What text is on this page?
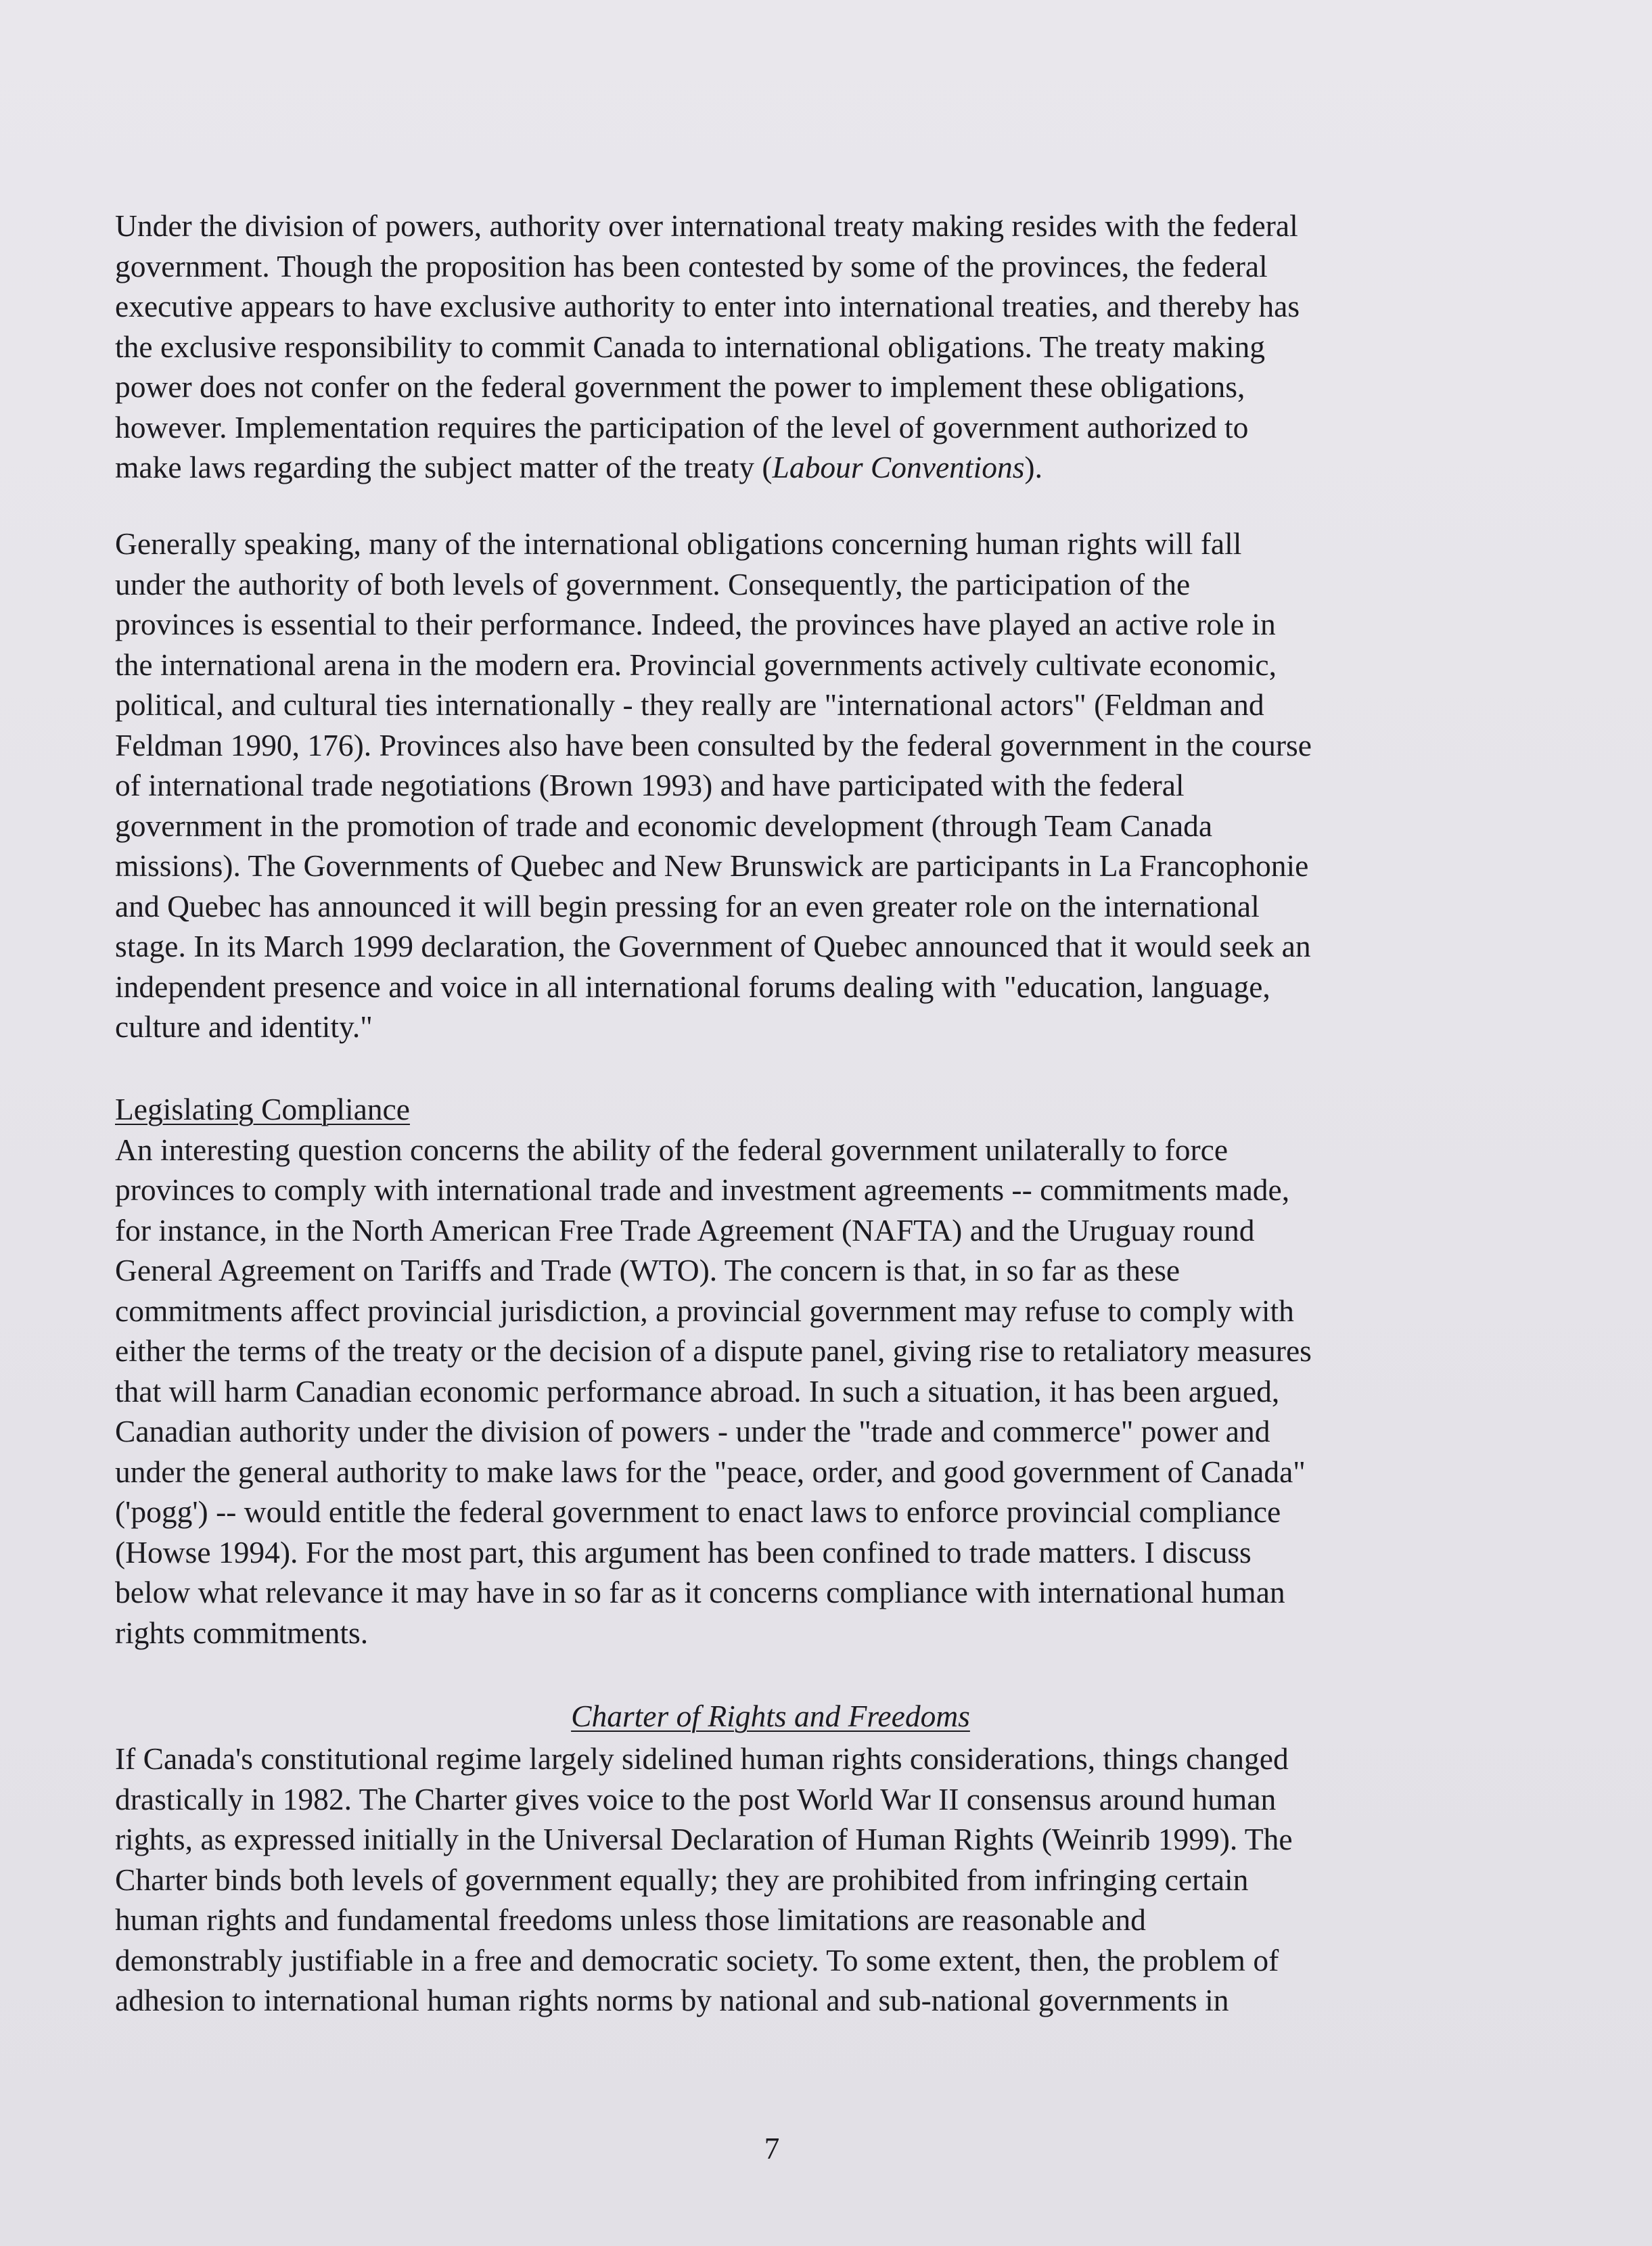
Under the division of powers, authority over international treaty making resides with the federal
government. Though the proposition has been contested by some of the provinces, the federal
executive appears to have exclusive authority to enter into international treaties, and thereby has
the exclusive responsibility to commit Canada to international obligations. The treaty making
power does not confer on the federal government the power to implement these obligations,
however. Implementation requires the participation of the level of government authorized to
make laws regarding the subject matter of the treaty (Labour Conventions).
Generally speaking, many of the international obligations concerning human rights will fall
under the authority of both levels of government. Consequently, the participation of the
provinces is essential to their performance. Indeed, the provinces have played an active role in
the international arena in the modern era. Provincial governments actively cultivate economic,
political, and cultural ties internationally - they really are "international actors" (Feldman and
Feldman 1990, 176). Provinces also have been consulted by the federal government in the course
of international trade negotiations (Brown 1993) and have participated with the federal
government in the promotion of trade and economic development (through Team Canada
missions). The Governments of Quebec and New Brunswick are participants in La Francophonie
and Quebec has announced it will begin pressing for an even greater role on the international
stage. In its March 1999 declaration, the Government of Quebec announced that it would seek an
independent presence and voice in all international forums dealing with "education, language,
culture and identity."
Legislating Compliance
An interesting question concerns the ability of the federal government unilaterally to force
provinces to comply with international trade and investment agreements -- commitments made,
for instance, in the North American Free Trade Agreement (NAFTA) and the Uruguay round
General Agreement on Tariffs and Trade (WTO). The concern is that, in so far as these
commitments affect provincial jurisdiction, a provincial government may refuse to comply with
either the terms of the treaty or the decision of a dispute panel, giving rise to retaliatory measures
that will harm Canadian economic performance abroad. In such a situation, it has been argued,
Canadian authority under the division of powers - under the "trade and commerce" power and
under the general authority to make laws for the "peace, order, and good government of Canada"
('pogg') -- would entitle the federal government to enact laws to enforce provincial compliance
(Howse 1994). For the most part, this argument has been confined to trade matters. I discuss
below what relevance it may have in so far as it concerns compliance with international human
rights commitments.
Charter of Rights and Freedoms
If Canada's constitutional regime largely sidelined human rights considerations, things changed
drastically in 1982. The Charter gives voice to the post World War II consensus around human
rights, as expressed initially in the Universal Declaration of Human Rights (Weinrib 1999). The
Charter binds both levels of government equally; they are prohibited from infringing certain
human rights and fundamental freedoms unless those limitations are reasonable and
demonstrably justifiable in a free and democratic society. To some extent, then, the problem of
adhesion to international human rights norms by national and sub-national governments in
7
